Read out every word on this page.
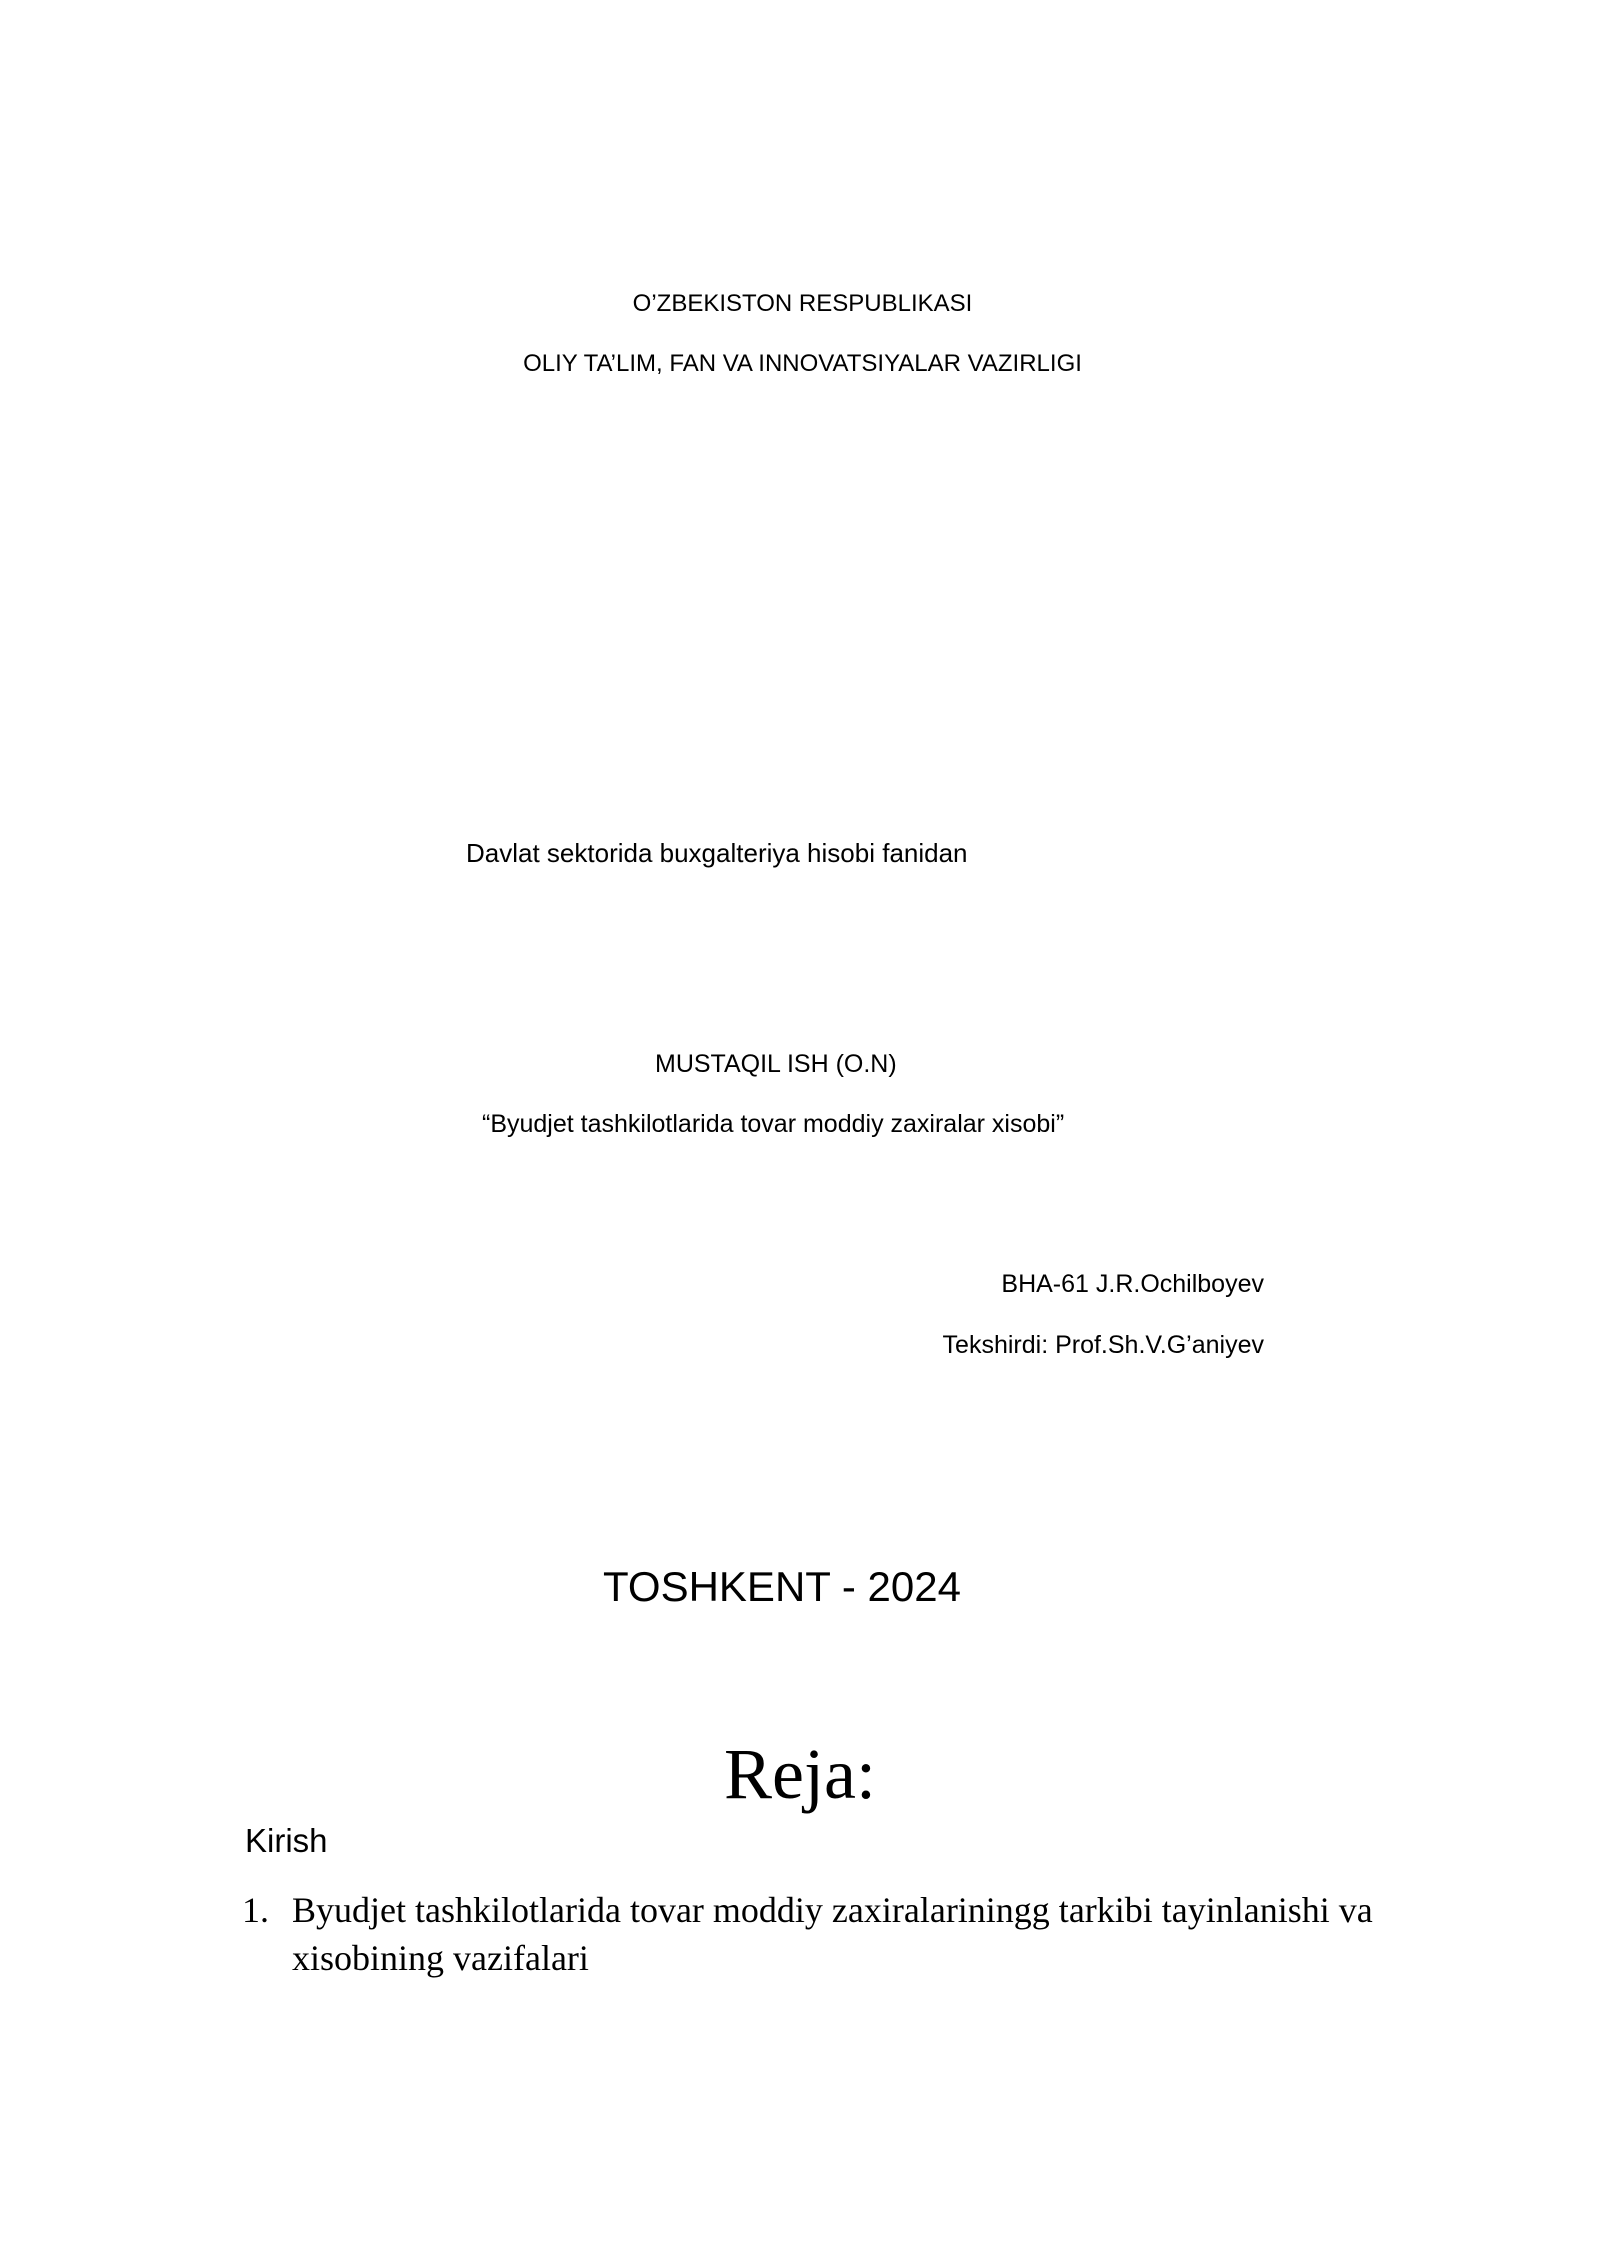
O’ZBEKISTON RESPUBLIKASI
OLIY TA’LIM, FAN VA INNOVATSIYALAR VAZIRLIGI
Davlat sektorida buxgalteriya hisobi fanidan
MUSTAQIL ISH (O.N)
“Byudjet tashkilotlarida tovar moddiy zaxiralar xisobi”
BHA-61 J.R.Ochilboyev
Tekshirdi: Prof.Sh.V.G’aniyev
TOSHKENT - 2024
Reja:
Kirish
1. Byudjet tashkilotlarida tovar moddiy zaxiralariningg tarkibi tayinlanishi va xisobining vazifalari
